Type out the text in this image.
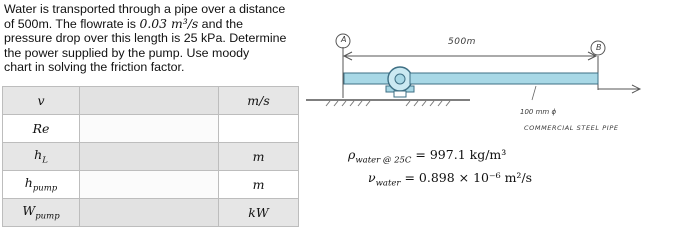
Water is transported through a pipe over a distance

of 500m. The flowrate is 0.03 m³/s and the

pressure drop over this length is 25 kPa. Determine

the power supplied by the pump. Use moody

chart in solving the friction factor.

v		m/s
Re		
$h_L$		m
$h_{pump}$		m
$W_{pump}$		kW
500m
A
B
100 mm ϕ
COMMERCIAL STEEL PIPE
$\rho_{water @ 25C} = 997.1$ kg/m³
$\nu_{water} = 0.898 \times 10^{-6}$ m²/s
